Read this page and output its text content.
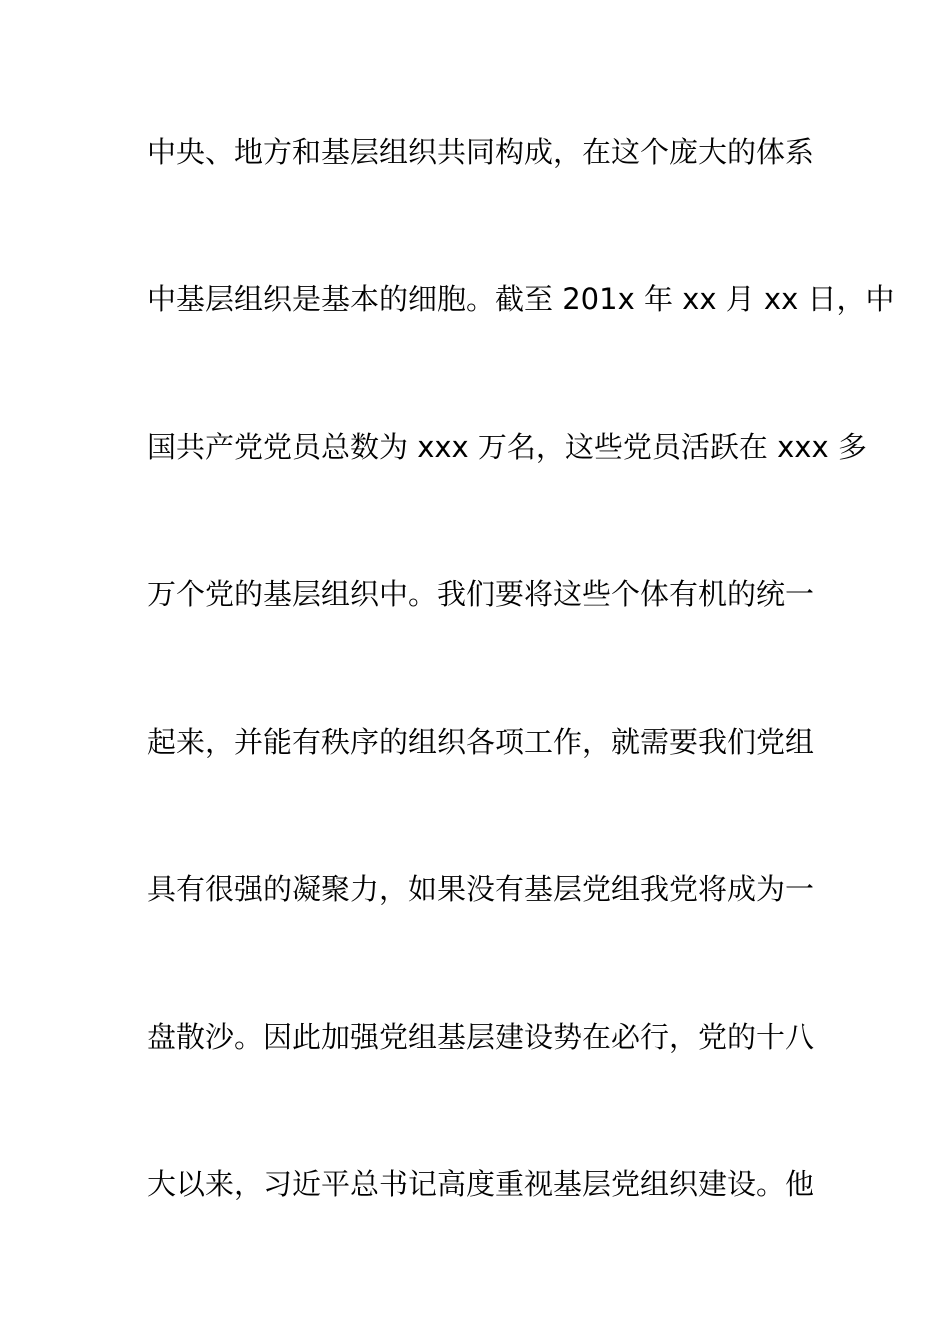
中央、地方和基层组织共同构成，在这个庞大的体系
中基层组织是基本的细胞。截至 201x 年 xx 月 xx 日，中
国共产党党员总数为 xxx 万名，这些党员活跃在 xxx 多
万个党的基层组织中。我们要将这些个体有机的统一
起来，并能有秩序的组织各项工作，就需要我们党组
具有很强的凝聚力，如果没有基层党组我党将成为一
盘散沙。因此加强党组基层建设势在必行，党的十八
大以来，习近平总书记高度重视基层党组织建设。他
